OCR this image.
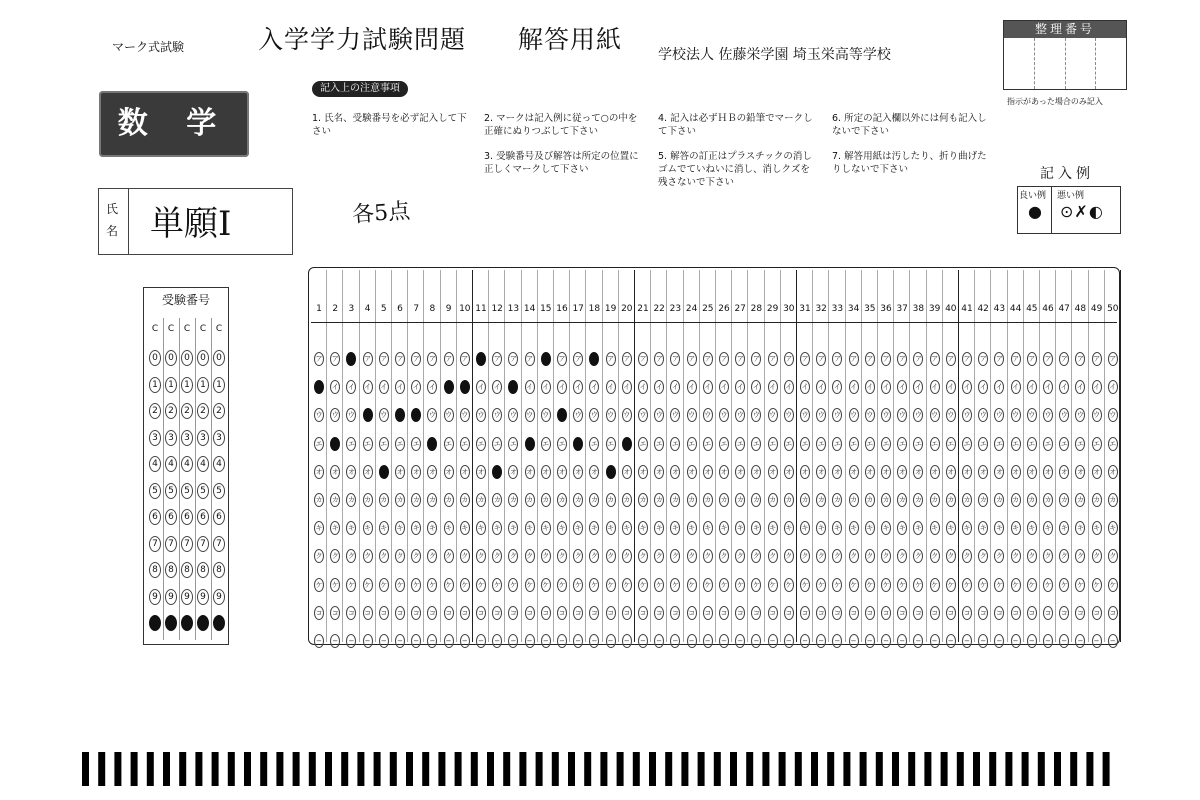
マーク式試験	入学学力試験問題　　解答用紙
学校法人 佐藤栄学園 埼玉栄高等学校
整理番号
指示があった場合のみ記入
記入上の注意事項
1. 氏名、受験番号を必ず記入して下さい
2. マークは記入例に従って○の中を正確にぬりつぶして下さい
3. 受験番号及び解答は所定の位置に正しくマークして下さい
4. 記入は必ずＨＢの鉛筆でマークして下さい
5. 解答の訂正はプラスチックの消しゴムでていねいに消し、消しクズを残さないで下さい
6. 所定の記入欄以外には何も記入しないで下さい
7. 解答用紙は汚したり、折り曲げたりしないで下さい
数 学
氏名 単願Ⅰ	各5点
記入例
良い例 悪い例
● ⊙✗◐
受験番号
C
0
1
2
3
4
5
6
7
8
9
C
0
1
2
3
4
5
6
7
8
9
C
0
1
2
3
4
5
6
7
8
9
C
0
1
2
3
4
5
6
7
8
9
C
0
1
2
3
4
5
6
7
8
9
1
ア
イ
ウ
エ
オ
カ
キ
ク
ケ
コ
−
2
ア
イ
ウ
エ
オ
カ
キ
ク
ケ
コ
−
3
ア
イ
ウ
エ
オ
カ
キ
ク
ケ
コ
−
4
ア
イ
ウ
エ
オ
カ
キ
ク
ケ
コ
−
5
ア
イ
ウ
エ
オ
カ
キ
ク
ケ
コ
−
6
ア
イ
ウ
エ
オ
カ
キ
ク
ケ
コ
−
7
ア
イ
ウ
エ
オ
カ
キ
ク
ケ
コ
−
8
ア
イ
ウ
エ
オ
カ
キ
ク
ケ
コ
−
9
ア
イ
ウ
エ
オ
カ
キ
ク
ケ
コ
−
10
ア
イ
ウ
エ
オ
カ
キ
ク
ケ
コ
−
11
ア
イ
ウ
エ
オ
カ
キ
ク
ケ
コ
−
12
ア
イ
ウ
エ
オ
カ
キ
ク
ケ
コ
−
13
ア
イ
ウ
エ
オ
カ
キ
ク
ケ
コ
−
14
ア
イ
ウ
エ
オ
カ
キ
ク
ケ
コ
−
15
ア
イ
ウ
エ
オ
カ
キ
ク
ケ
コ
−
16
ア
イ
ウ
エ
オ
カ
キ
ク
ケ
コ
−
17
ア
イ
ウ
エ
オ
カ
キ
ク
ケ
コ
−
18
ア
イ
ウ
エ
オ
カ
キ
ク
ケ
コ
−
19
ア
イ
ウ
エ
オ
カ
キ
ク
ケ
コ
−
20
ア
イ
ウ
エ
オ
カ
キ
ク
ケ
コ
−
21
ア
イ
ウ
エ
オ
カ
キ
ク
ケ
コ
−
22
ア
イ
ウ
エ
オ
カ
キ
ク
ケ
コ
−
23
ア
イ
ウ
エ
オ
カ
キ
ク
ケ
コ
−
24
ア
イ
ウ
エ
オ
カ
キ
ク
ケ
コ
−
25
ア
イ
ウ
エ
オ
カ
キ
ク
ケ
コ
−
26
ア
イ
ウ
エ
オ
カ
キ
ク
ケ
コ
−
27
ア
イ
ウ
エ
オ
カ
キ
ク
ケ
コ
−
28
ア
イ
ウ
エ
オ
カ
キ
ク
ケ
コ
−
29
ア
イ
ウ
エ
オ
カ
キ
ク
ケ
コ
−
30
ア
イ
ウ
エ
オ
カ
キ
ク
ケ
コ
−
31
ア
イ
ウ
エ
オ
カ
キ
ク
ケ
コ
−
32
ア
イ
ウ
エ
オ
カ
キ
ク
ケ
コ
−
33
ア
イ
ウ
エ
オ
カ
キ
ク
ケ
コ
−
34
ア
イ
ウ
エ
オ
カ
キ
ク
ケ
コ
−
35
ア
イ
ウ
エ
オ
カ
キ
ク
ケ
コ
−
36
ア
イ
ウ
エ
オ
カ
キ
ク
ケ
コ
−
37
ア
イ
ウ
エ
オ
カ
キ
ク
ケ
コ
−
38
ア
イ
ウ
エ
オ
カ
キ
ク
ケ
コ
−
39
ア
イ
ウ
エ
オ
カ
キ
ク
ケ
コ
−
40
ア
イ
ウ
エ
オ
カ
キ
ク
ケ
コ
−
41
ア
イ
ウ
エ
オ
カ
キ
ク
ケ
コ
−
42
ア
イ
ウ
エ
オ
カ
キ
ク
ケ
コ
−
43
ア
イ
ウ
エ
オ
カ
キ
ク
ケ
コ
−
44
ア
イ
ウ
エ
オ
カ
キ
ク
ケ
コ
−
45
ア
イ
ウ
エ
オ
カ
キ
ク
ケ
コ
−
46
ア
イ
ウ
エ
オ
カ
キ
ク
ケ
コ
−
47
ア
イ
ウ
エ
オ
カ
キ
ク
ケ
コ
−
48
ア
イ
ウ
エ
オ
カ
キ
ク
ケ
コ
−
49
ア
イ
ウ
エ
オ
カ
キ
ク
ケ
コ
−
50
ア
イ
ウ
エ
オ
カ
キ
ク
ケ
コ
−
